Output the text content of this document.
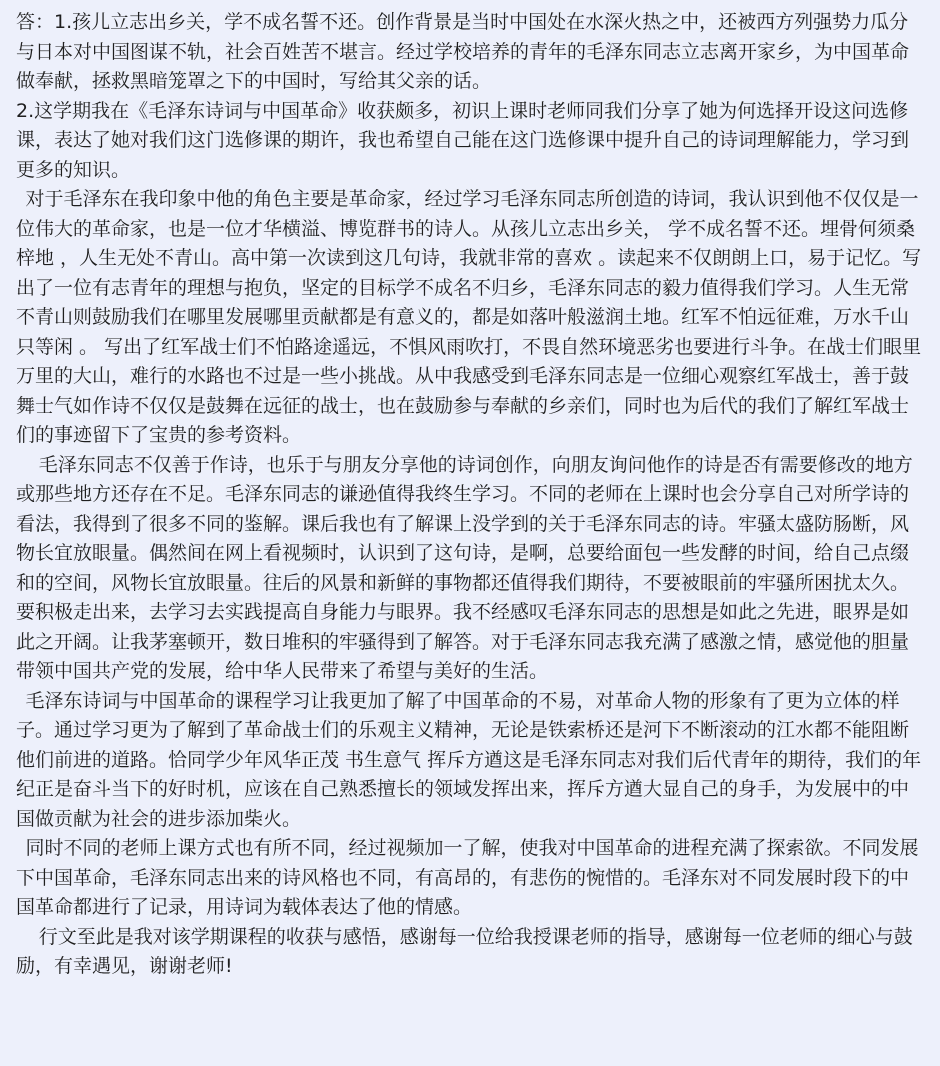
答：1.孩儿立志出乡关，学不成名誓不还。创作背景是当时中国处在水深火热之中，还被西方列强势力瓜分与日本对中国图谋不轨，社会百姓苦不堪言。经过学校培养的青年的毛泽东同志立志离开家乡，为中国革命做奉献，拯救黑暗笼罩之下的中国时，写给其父亲的话。

2.这学期我在《毛泽东诗词与中国革命》收获颇多，初识上课时老师同我们分享了她为何选择开设这问选修课，表达了她对我们这门选修课的期许，我也希望自己能在这门选修课中提升自己的诗词理解能力，学习到更多的知识。

对于毛泽东在我印象中他的角色主要是革命家，经过学习毛泽东同志所创造的诗词，我认识到他不仅仅是一位伟大的革命家，也是一位才华横溢、博览群书的诗人。从孩儿立志出乡关， 学不成名誓不还。埋骨何须桑梓地 ，人生无处不青山。高中第一次读到这几句诗，我就非常的喜欢 。读起来不仅朗朗上口，易于记忆。写出了一位有志青年的理想与抱负，坚定的目标学不成名不归乡，毛泽东同志的毅力值得我们学习。人生无常不青山则鼓励我们在哪里发展哪里贡献都是有意义的，都是如落叶般滋润土地。红军不怕远征难，万水千山只等闲 。 写出了红军战士们不怕路途遥远，不惧风雨吹打，不畏自然环境恶劣也要进行斗争。在战士们眼里万里的大山，难行的水路也不过是一些小挑战。从中我感受到毛泽东同志是一位细心观察红军战士，善于鼓舞士气如作诗不仅仅是鼓舞在远征的战士，也在鼓励参与奉献的乡亲们，同时也为后代的我们了解红军战士们的事迹留下了宝贵的参考资料。

毛泽东同志不仅善于作诗，也乐于与朋友分享他的诗词创作，向朋友询问他作的诗是否有需要修改的地方或那些地方还存在不足。毛泽东同志的谦逊值得我终生学习。不同的老师在上课时也会分享自己对所学诗的看法，我得到了很多不同的鉴解。课后我也有了解课上没学到的关于毛泽东同志的诗。牢骚太盛防肠断，风物长宜放眼量。偶然间在网上看视频时，认识到了这句诗，是啊，总要给面包一些发酵的时间，给自己点缀和的空间，风物长宜放眼量。往后的风景和新鲜的事物都还值得我们期待，不要被眼前的牢骚所困扰太久。要积极走出来，去学习去实践提高自身能力与眼界。我不经感叹毛泽东同志的思想是如此之先进，眼界是如此之开阔。让我茅塞顿开，数日堆积的牢骚得到了解答。对于毛泽东同志我充满了感激之情，感觉他的胆量带领中国共产党的发展，给中华人民带来了希望与美好的生活。

毛泽东诗词与中国革命的课程学习让我更加了解了中国革命的不易，对革命人物的形象有了更为立体的样子。通过学习更为了解到了革命战士们的乐观主义精神，无论是铁索桥还是河下不断滚动的江水都不能阻断他们前进的道路。恰同学少年风华正茂 书生意气 挥斥方遒这是毛泽东同志对我们后代青年的期待，我们的年纪正是奋斗当下的好时机，应该在自己熟悉擅长的领域发挥出来，挥斥方遒大显自己的身手，为发展中的中国做贡献为社会的进步添加柴火。

同时不同的老师上课方式也有所不同，经过视频加一了解，使我对中国革命的进程充满了探索欲。不同发展下中国革命，毛泽东同志出来的诗风格也不同，有高昂的，有悲伤的惋惜的。毛泽东对不同发展时段下的中国革命都进行了记录，用诗词为载体表达了他的情感。

行文至此是我对该学期课程的收获与感悟，感谢每一位给我授课老师的指导，感谢每一位老师的细心与鼓励，有幸遇见，谢谢老师!
